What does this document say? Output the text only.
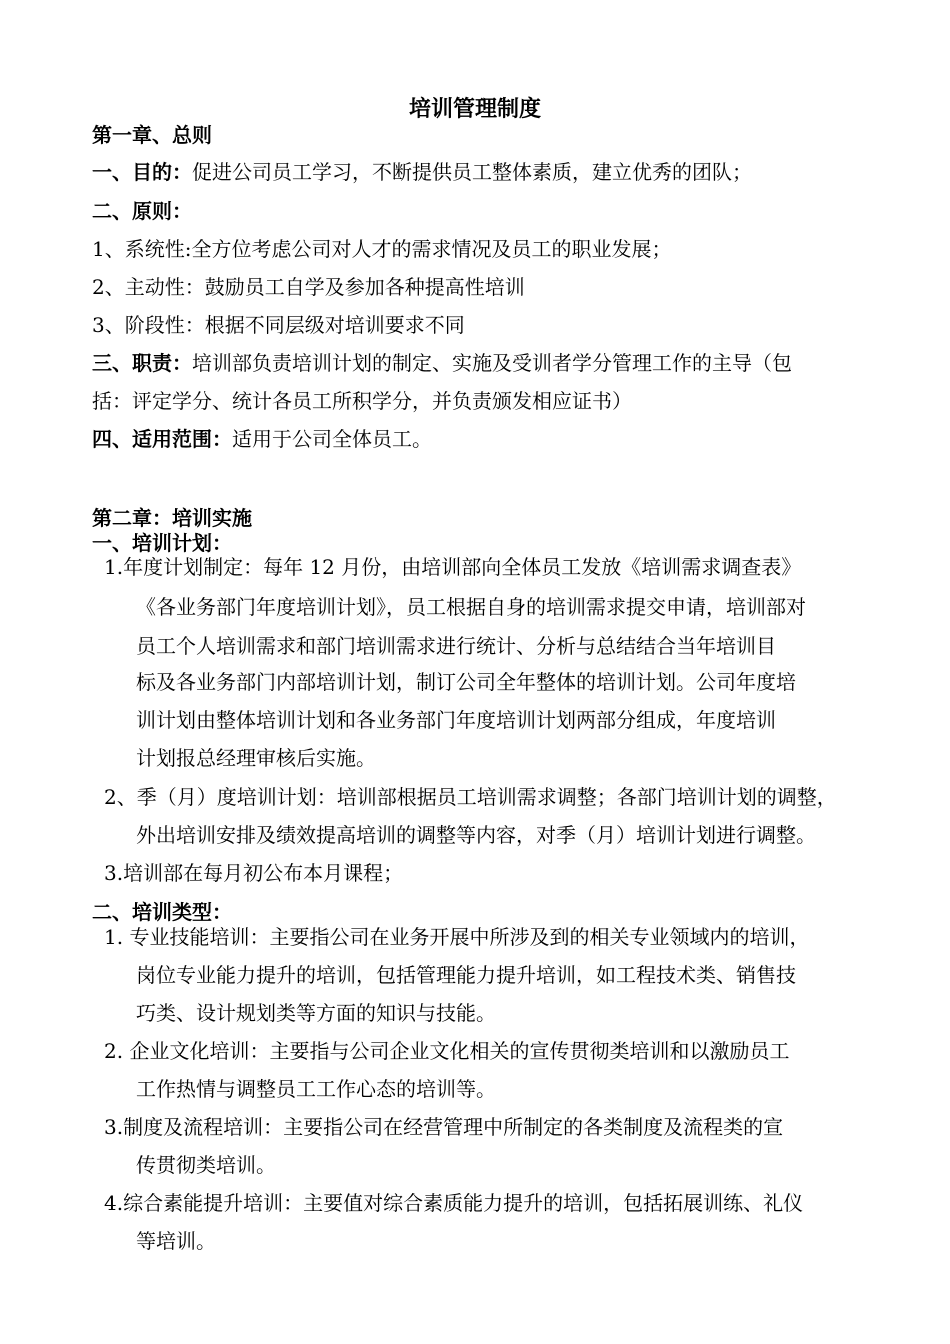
培训管理制度
第一章、总则
一、目的：促进公司员工学习，不断提供员工整体素质，建立优秀的团队；
二、原则：
1、系统性:全方位考虑公司对人才的需求情况及员工的职业发展；
2、主动性：鼓励员工自学及参加各种提高性培训
3、阶段性：根据不同层级对培训要求不同
三、职责：培训部负责培训计划的制定、实施及受训者学分管理工作的主导（包
括：评定学分、统计各员工所积学分，并负责颁发相应证书）
四、适用范围：适用于公司全体员工。
第二章：培训实施
一、培训计划：
1.年度计划制定：每年 12 月份，由培训部向全体员工发放《培训需求调查表》
《各业务部门年度培训计划》，员工根据自身的培训需求提交申请，培训部对
员工个人培训需求和部门培训需求进行统计、分析与总结结合当年培训目
标及各业务部门内部培训计划，制订公司全年整体的培训计划。公司年度培
训计划由整体培训计划和各业务部门年度培训计划两部分组成，年度培训
计划报总经理审核后实施。
2、季（月）度培训计划：培训部根据员工培训需求调整；各部门培训计划的调整，
外出培训安排及绩效提高培训的调整等内容，对季（月）培训计划进行调整。
3.培训部在每月初公布本月课程；
二、培训类型：
1. 专业技能培训：主要指公司在业务开展中所涉及到的相关专业领域内的培训，
岗位专业能力提升的培训，包括管理能力提升培训，如工程技术类、销售技
巧类、设计规划类等方面的知识与技能。
2. 企业文化培训：主要指与公司企业文化相关的宣传贯彻类培训和以激励员工
工作热情与调整员工工作心态的培训等。
3.制度及流程培训：主要指公司在经营管理中所制定的各类制度及流程类的宣
传贯彻类培训。
4.综合素能提升培训：主要值对综合素质能力提升的培训，包括拓展训练、礼仪
等培训。
